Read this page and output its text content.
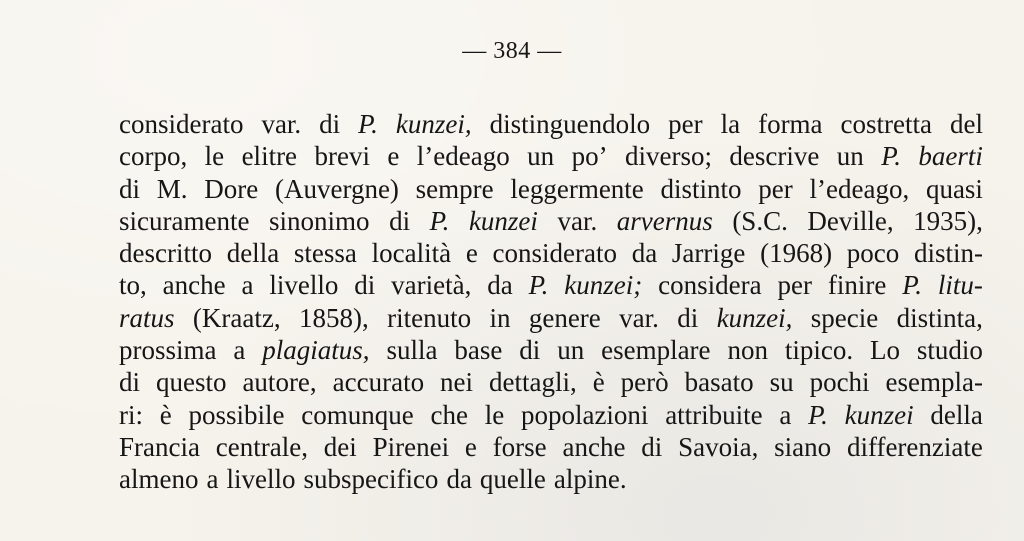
— 384 —
considerato var. di P. kunzei, distinguendolo per la forma costretta del
corpo, le elitre brevi e l’edeago un po’ diverso; descrive un P. baerti
di M. Dore (Auvergne) sempre leggermente distinto per l’edeago, quasi
sicuramente sinonimo di P. kunzei var. arvernus (S.C. Deville, 1935),
descritto della stessa località e considerato da Jarrige (1968) poco distin-
to, anche a livello di varietà, da P. kunzei; considera per finire P. litu-
ratus (Kraatz, 1858), ritenuto in genere var. di kunzei, specie distinta,
prossima a plagiatus, sulla base di un esemplare non tipico. Lo studio
di questo autore, accurato nei dettagli, è però basato su pochi esempla-
ri: è possibile comunque che le popolazioni attribuite a P. kunzei della
Francia centrale, dei Pirenei e forse anche di Savoia, siano differenziate
almeno a livello subspecifico da quelle alpine.
